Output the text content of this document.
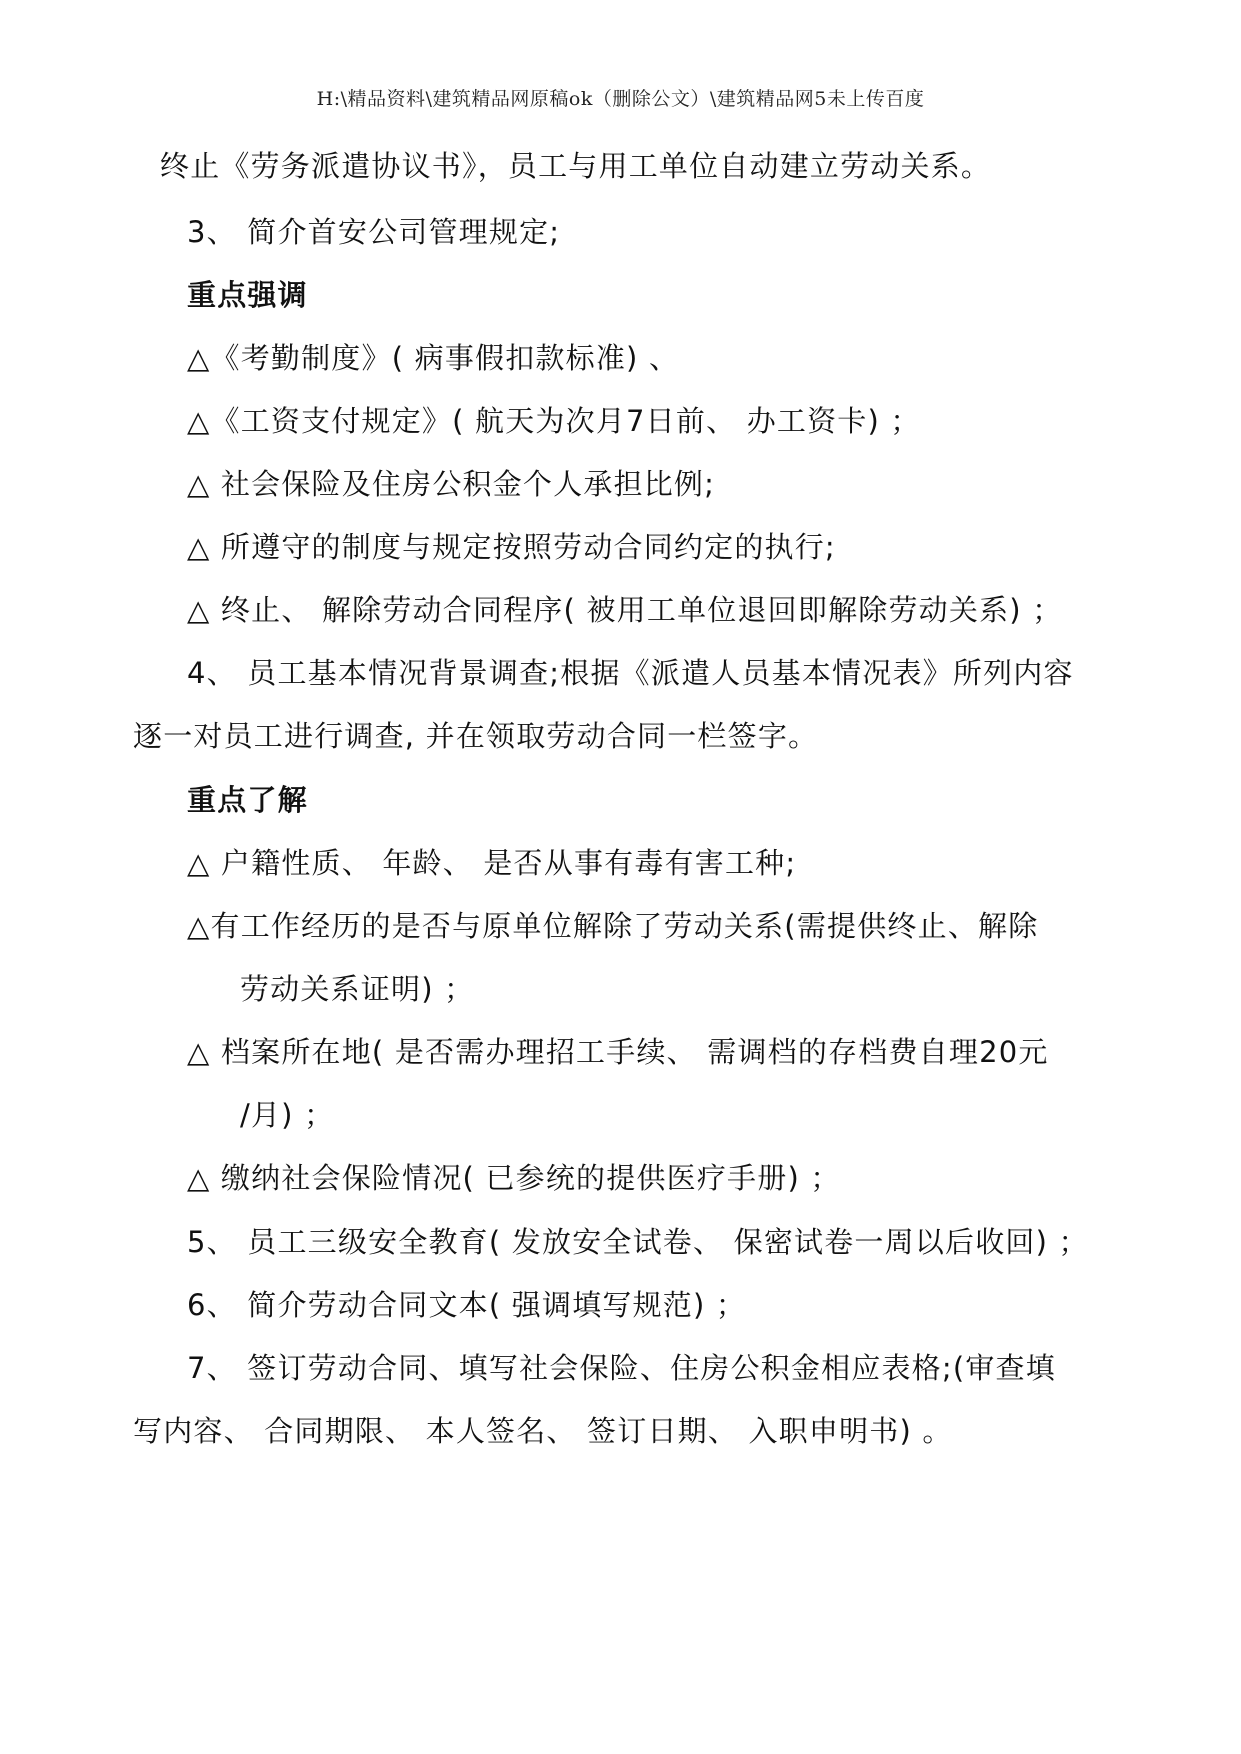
H:\精品资料\建筑精品网原稿ok（删除公文）\建筑精品网5未上传百度
终止《劳务派遣协议书》，员工与用工单位自动建立劳动关系。
3、 简介首安公司管理规定;
重点强调
△《考勤制度》( 病事假扣款标准) 、
△《工资支付规定》( 航天为次月7日前、 办工资卡) ；
△ 社会保险及住房公积金个人承担比例;
△ 所遵守的制度与规定按照劳动合同约定的执行;
△ 终止、 解除劳动合同程序( 被用工单位退回即解除劳动关系) ；
4、 员工基本情况背景调查;根据《派遣人员基本情况表》所列内容
逐一对员工进行调查, 并在领取劳动合同一栏签字。
重点了解
△ 户籍性质、 年龄、 是否从事有毒有害工种;
△有工作经历的是否与原单位解除了劳动关系(需提供终止、解除
劳动关系证明) ；
△ 档案所在地( 是否需办理招工手续、 需调档的存档费自理20元
/月) ；
△ 缴纳社会保险情况( 已参统的提供医疗手册) ；
5、 员工三级安全教育( 发放安全试卷、 保密试卷一周以后收回) ；
6、 简介劳动合同文本( 强调填写规范) ；
7、 签订劳动合同、填写社会保险、住房公积金相应表格;(审查填
写内容、 合同期限、 本人签名、 签订日期、 入职申明书) 。
